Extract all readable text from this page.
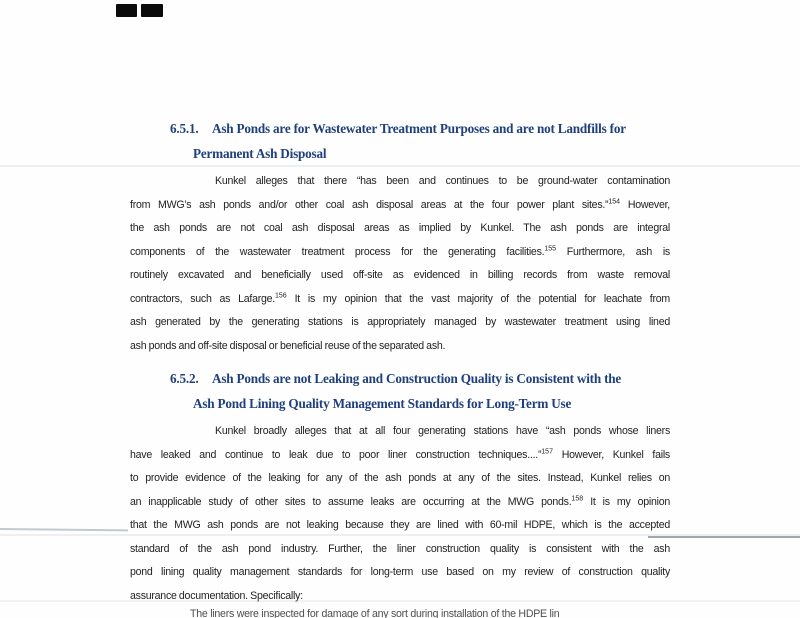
6.5.1. Ash Ponds are for Wastewater Treatment Purposes and are not Landfills for
Permanent Ash Disposal
Kunkel alleges that there “has been and continues to be ground-water contamination
from MWG’s ash ponds and/or other coal ash disposal areas at the four power plant sites.”$^{154}$ However,
the ash ponds are not coal ash disposal areas as implied by Kunkel. The ash ponds are integral
components of the wastewater treatment process for the generating facilities.$^{155}$ Furthermore, ash is
routinely excavated and beneficially used off-site as evidenced in billing records from waste removal
contractors, such as Lafarge.$^{156}$ It is my opinion that the vast majority of the potential for leachate from
ash generated by the generating stations is appropriately managed by wastewater treatment using lined
ash ponds and off-site disposal or beneficial reuse of the separated ash.
6.5.2. Ash Ponds are not Leaking and Construction Quality is Consistent with the
Ash Pond Lining Quality Management Standards for Long-Term Use
Kunkel broadly alleges that at all four generating stations have “ash ponds whose liners
have leaked and continue to leak due to poor liner construction techniques....”$^{157}$ However, Kunkel fails
to provide evidence of the leaking for any of the ash ponds at any of the sites. Instead, Kunkel relies on
an inapplicable study of other sites to assume leaks are occurring at the MWG ponds.$^{158}$ It is my opinion
that the MWG ash ponds are not leaking because they are lined with 60-mil HDPE, which is the accepted
standard of the ash pond industry. Further, the liner construction quality is consistent with the ash
pond lining quality management standards for long-term use based on my review of construction quality
assurance documentation. Specifically:
The liners were inspected for damage of any sort during installation of the HDPE lin
